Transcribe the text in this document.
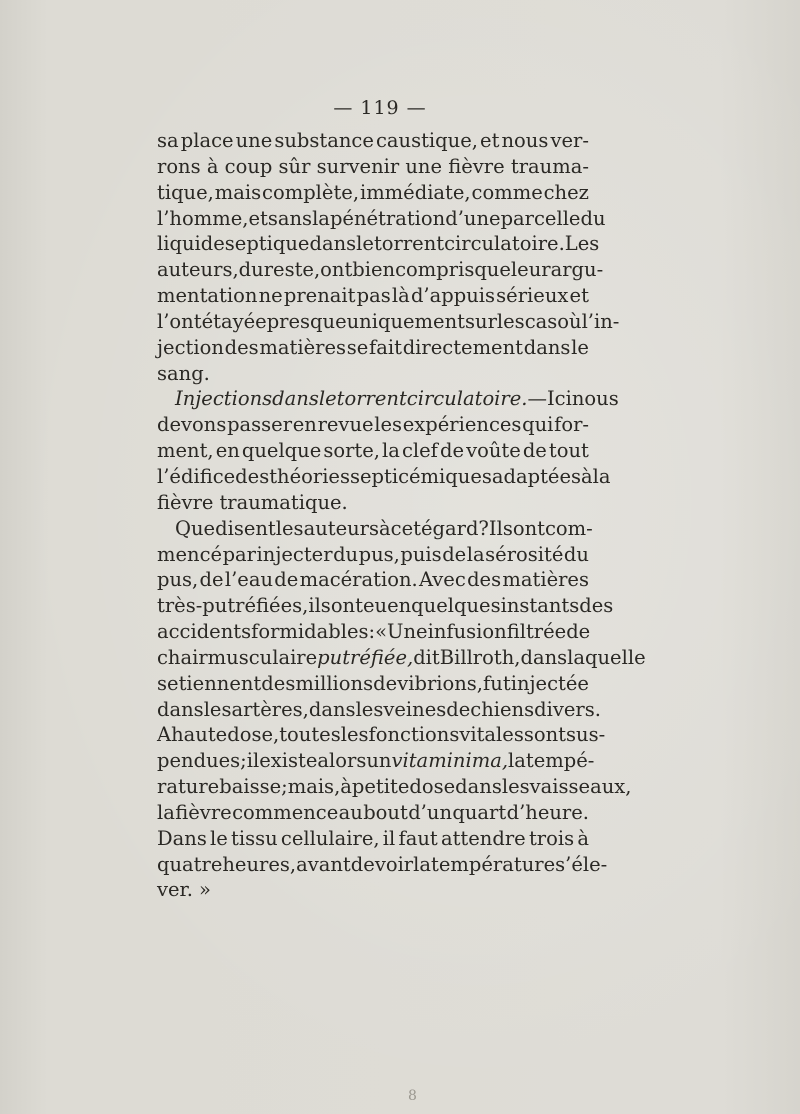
— 119 —
sa place une substance caustique, et nous ver-
rons à coup sûr survenir une fièvre trauma-
tique, mais complète, immédiate, comme chez
l’homme, et sans la pénétration d’une parcelle du
liquide septique dans le torrent circulatoire. Les
auteurs, du reste, ont bien compris que leur argu-
mentation ne prenait pas là d’appuis sérieux et
l’ont étayée presque uniquement sur les cas où l’in-
jection des matières se fait directement dans le
sang.
Injections dans le torrent circulatoire. — Ici nous
devons passer en revue les expériences qui for-
ment, en quelque sorte, la clef de voûte de tout
l’édifice des théories septicémiques adaptées à la
fièvre traumatique.
Que disent les auteurs à cet égard ? Ils ont com-
mencé par injecter du pus, puis de la sérosité du
pus, de l’eau de macération. Avec des matières
très-putréfiées, ils ont eu en quelques instants des
accidents formidables : « Une infusion filtrée de
chair musculaire putréfiée, dit Billroth, dans laquelle
se tiennent des millions de vibrions, fut injectée
dans les artères, dans les veines de chiens divers.
A haute dose, toutes les fonctions vitales sont sus-
pendues ; il existe alors un vita minima, la tempé-
rature baisse ; mais, à petite dose dans les vaisseaux,
la fièvre commence au bout d’un quart d’heure.
Dans le tissu cellulaire, il faut attendre trois à
quatre heures, avant de voir la température s’éle-
ver. »
8
